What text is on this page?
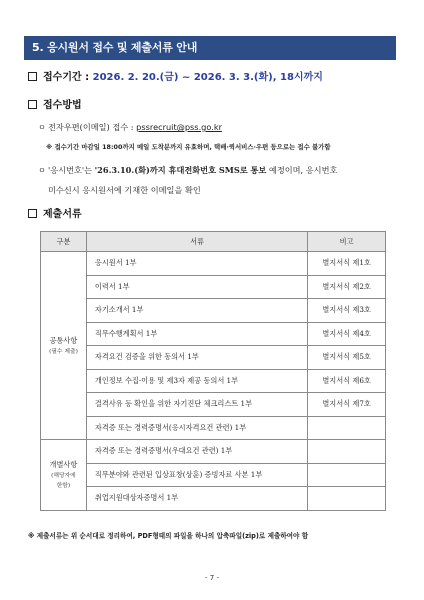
5. 응시원서 접수 및 제출서류 안내
접수기간 : 2026. 2. 20.(금) ~ 2026. 3. 3.(화), 18시까지
접수방법
ㅇ 전자우편(이메일) 접수 : pssrecruit@pss.go.kr
※ 접수기간 마감일 18:00까지 메일 도착분까지 유효하며, 택배·퀵서비스·우편 등으로는 접수 불가함
ㅇ '응시번호'는 '26.3.10.(화)까지 휴대전화번호 SMS로 통보 예정이며, 응시번호
미수신시 응시원서에 기재한 이메일을 확인
제출서류
구분	서류	비고
공통사항
(필수 제출)	응시원서 1부	별지서식 제1호
	이력서 1부	별지서식 제2호
	자기소개서 1부	별지서식 제3호
	직무수행계획서 1부	별지서식 제4호
	자격요건 검증을 위한 동의서 1부	별지서식 제5호
	개인정보 수집·이용 및 제3자 제공 동의서 1부	별지서식 제6호
	결격사유 등 확인을 위한 자기진단 체크리스트 1부	별지서식 제7호
	자격증 또는 경력증명서(응시자격요건 관련) 1부	
개별사항
(해당자에
한함)	자격증 또는 경력증명서(우대요건 관련) 1부	
	직무분야와 관련된 입상표창(상훈) 증빙자료 사본 1부	
	취업지원대상자증명서 1부	
※ 제출서류는 위 순서대로 정리하여, PDF형태의 파일을 하나의 압축파일(zip)로 제출하여야 함
- 7 -
